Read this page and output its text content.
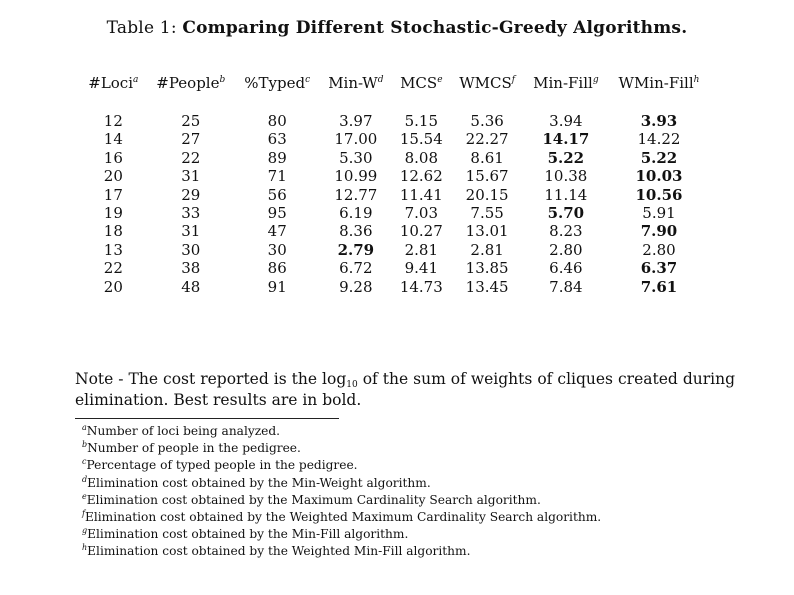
Table 1: Comparing Different Stochastic-Greedy Algorithms.
#Loci$^a$	#People$^b$	%Typed$^c$	Min-$W^d$	MCS$^e$	WMCS$^f$	Min-Fill$^g$	WMin-Fill$^h$
12	25	80	3.97	5.15	5.36	3.94	3.93
14	27	63	17.00	15.54	22.27	14.17	14.22
16	22	89	5.30	8.08	8.61	5.22	5.22
20	31	71	10.99	12.62	15.67	10.38	10.03
17	29	56	12.77	11.41	20.15	11.14	10.56
19	33	95	6.19	7.03	7.55	5.70	5.91
18	31	47	8.36	10.27	13.01	8.23	7.90
13	30	30	2.79	2.81	2.81	2.80	2.80
22	38	86	6.72	9.41	13.85	6.46	6.37
20	48	91	9.28	14.73	13.45	7.84	7.61
Note - The cost reported is the $\log_{10}$ of the sum of weights of cliques created during elimination. Best results are in bold.
$^a$Number of loci being analyzed.
$^b$Number of people in the pedigree.
$^c$Percentage of typed people in the pedigree.
$^d$Elimination cost obtained by the Min-Weight algorithm.
$^e$Elimination cost obtained by the Maximum Cardinality Search algorithm.
$^f$Elimination cost obtained by the Weighted Maximum Cardinality Search algorithm.
$^g$Elimination cost obtained by the Min-Fill algorithm.
$^h$Elimination cost obtained by the Weighted Min-Fill algorithm.
